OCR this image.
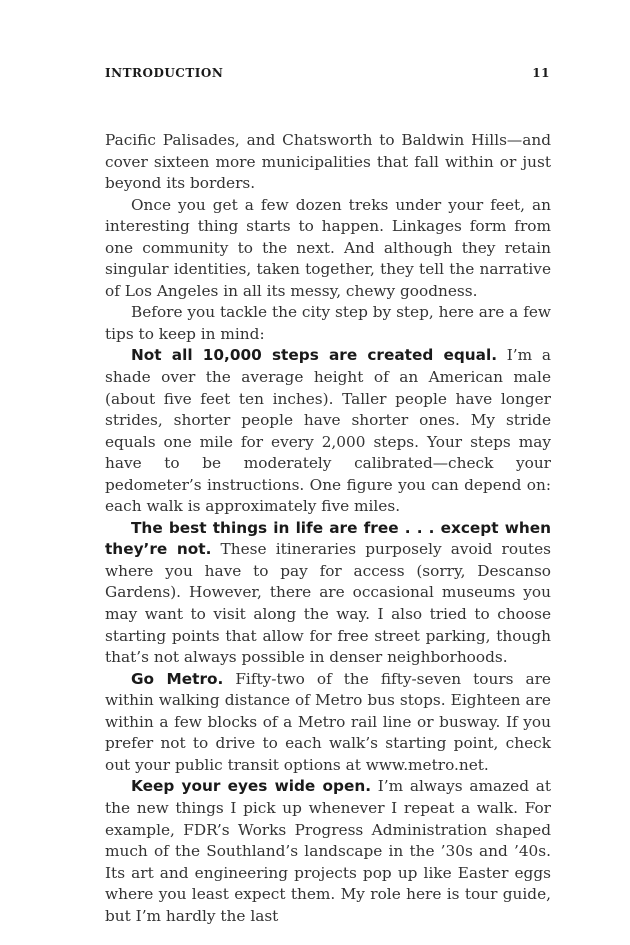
INTRODUCTION	11

Pacific Palisades, and Chatsworth to Baldwin Hills—and cover sixteen more municipalities that fall within or just beyond its borders.

Once you get a few dozen treks under your feet, an interesting thing starts to happen. Linkages form from one community to the next. And although they retain singular identities, taken together, they tell the narrative of Los Angeles in all its messy, chewy goodness.

Before you tackle the city step by step, here are a few tips to keep in mind:

Not all 10,000 steps are created equal. I’m a shade over the average height of an American male (about five feet ten inches). Taller people have longer strides, shorter people have shorter ones. My stride equals one mile for every 2,000 steps. Your steps may have to be moderately calibrated—check your pedometer’s instructions. One figure you can depend on: each walk is approximately five miles.

The best things in life are free . . . except when they’re not. These itineraries purposely avoid routes where you have to pay for access (sorry, Descanso Gardens). However, there are occasional museums you may want to visit along the way. I also tried to choose starting points that allow for free street parking, though that’s not always possible in denser neighborhoods.

Go Metro. Fifty-two of the fifty-seven tours are within walking distance of Metro bus stops. Eighteen are within a few blocks of a Metro rail line or busway. If you prefer not to drive to each walk’s starting point, check out your public transit options at www.metro.net.

Keep your eyes wide open. I’m always amazed at the new things I pick up whenever I repeat a walk. For example, FDR’s Works Progress Administration shaped much of the Southland’s landscape in the ’30s and ’40s. Its art and engineering projects pop up like Easter eggs where you least expect them. My role here is tour guide, but I’m hardly the last
